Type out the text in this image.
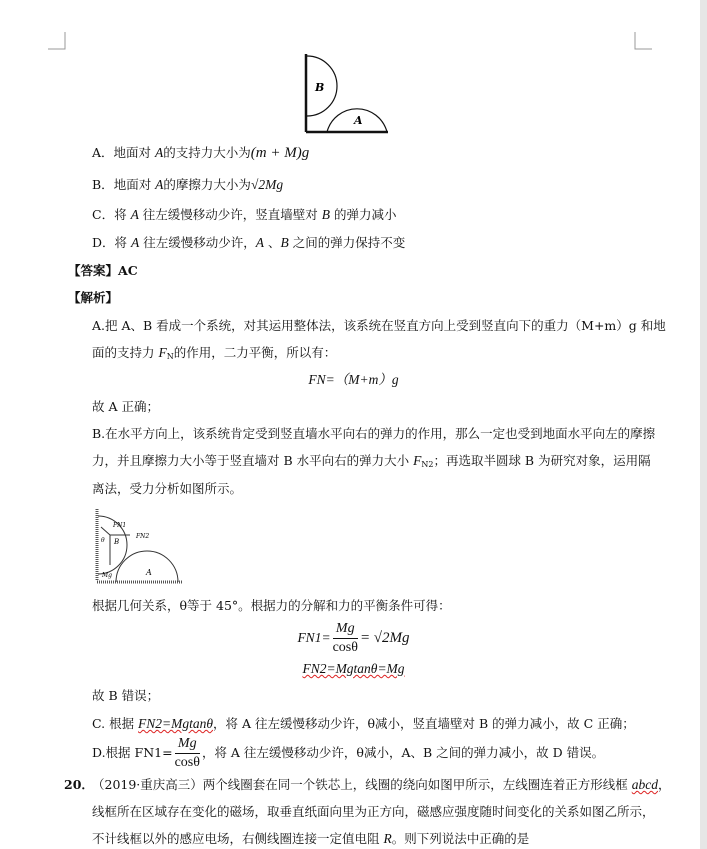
B
A
A．地面对 A的支持力大小为(m + M)g
B．地面对 A的摩擦力大小为√2Mg
C．将 A 往左缓慢移动少许，竖直墙壁对 B 的弹力减小
D．将 A 往左缓慢移动少许，A 、B 之间的弹力保持不变
【答案】AC
【解析】
A.把 A、B 看成一个系统，对其运用整体法，该系统在竖直方向上受到竖直向下的重力（M+m）g 和地
面的支持力 $F_N$的作用，二力平衡，所以有：
FN=（M+m）g
故 A 正确；
B.在水平方向上，该系统肯定受到竖直墙水平向右的弹力的作用，那么一定也受到地面水平向左的摩擦
力，并且摩擦力大小等于竖直墙对 B 水平向右的弹力大小 $F_{N2}$；再选取半圆球 B 为研究对象，运用隔
离法，受力分析如图所示。
FN1
FN2
θ B
Mg	A
根据几何关系，θ等于 45°。根据力的分解和力的平衡条件可得：
$FN1= \frac{Mg}{\cos\theta} = √2Mg$
FN2=Mgtanθ=Mg
故 B 错误；
C. 根据 FN2=Mgtanθ，将 A 往左缓慢移动少许，θ减小，竖直墙壁对 B 的弹力减小，故 C 正确；
D.根据 $FN1= \frac{Mg}{\cos\theta}$ ，将 A 往左缓慢移动少许，θ减小，A、B 之间的弹力减小，故 D 错误。
20．
（2019·重庆高三）两个线圈套在同一个铁芯上，线圈的绕向如图甲所示，左线圈连着正方形线框 abcd，
线框所在区域存在变化的磁场，取垂直纸面向里为正方向，磁感应强度随时间变化的关系如图乙所示，
不计线框以外的感应电场，右侧线圈连接一定值电阻 R。则下列说法中正确的是
